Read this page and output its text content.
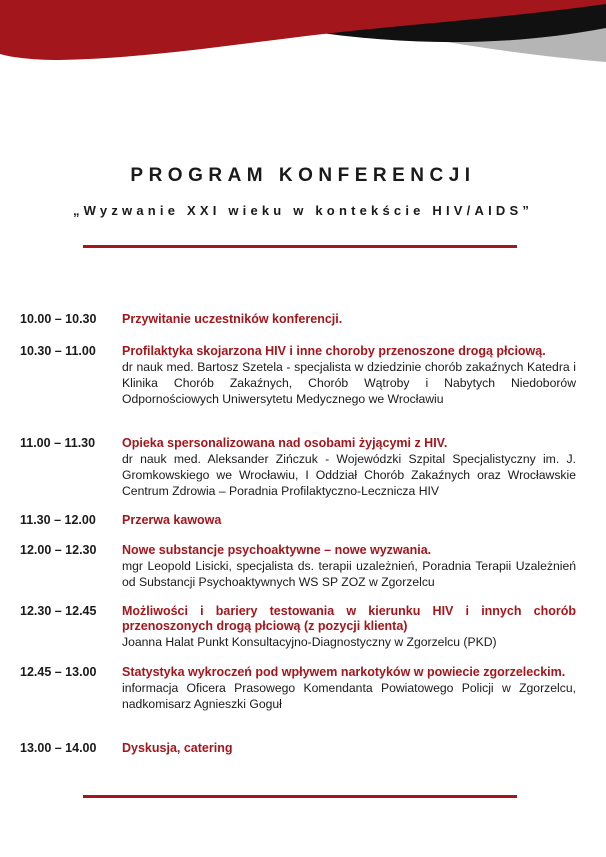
PROGRAM KONFERENCJI
„Wyzwanie XXI wieku w kontekście HIV/AIDS”
10.00 – 10.30	Przywitanie uczestników konferencji.
10.30 – 11.00	Profilaktyka skojarzona HIV i inne choroby przenoszone drogą płciową.
dr nauk med. Bartosz Szetela - specjalista w dziedzinie chorób zakaźnych Katedra i Klinika Chorób Zakaźnych, Chorób Wątroby i Nabytych Niedoborów Odpornościowych Uniwersytetu Medycznego we Wrocławiu
11.00 – 11.30	Opieka spersonalizowana nad osobami żyjącymi z HIV.
dr nauk med. Aleksander Zińczuk - Wojewódzki Szpital Specjalistyczny im. J. Gromkowskiego we Wrocławiu, I Oddział Chorób Zakaźnych oraz Wrocławskie Centrum Zdrowia – Poradnia Profilaktyczno-Lecznicza HIV
11.30 – 12.00	Przerwa kawowa
12.00 – 12.30	Nowe substancje psychoaktywne – nowe wyzwania.
mgr Leopold Lisicki, specjalista ds. terapii uzależnień, Poradnia Terapii Uzależnień od Substancji Psychoaktywnych WS SP ZOZ w Zgorzelcu
12.30 – 12.45	Możliwości i bariery testowania w kierunku HIV i innych chorób przenoszonych drogą płciową (z pozycji klienta)
Joanna Halat Punkt Konsultacyjno-Diagnostyczny w Zgorzelcu (PKD)
12.45 – 13.00	Statystyka wykroczeń pod wpływem narkotyków w powiecie zgorzeleckim.
informacja Oficera Prasowego Komendanta Powiatowego Policji w Zgorzelcu, nadkomisarz Agnieszki Goguł
13.00 – 14.00	Dyskusja, catering
